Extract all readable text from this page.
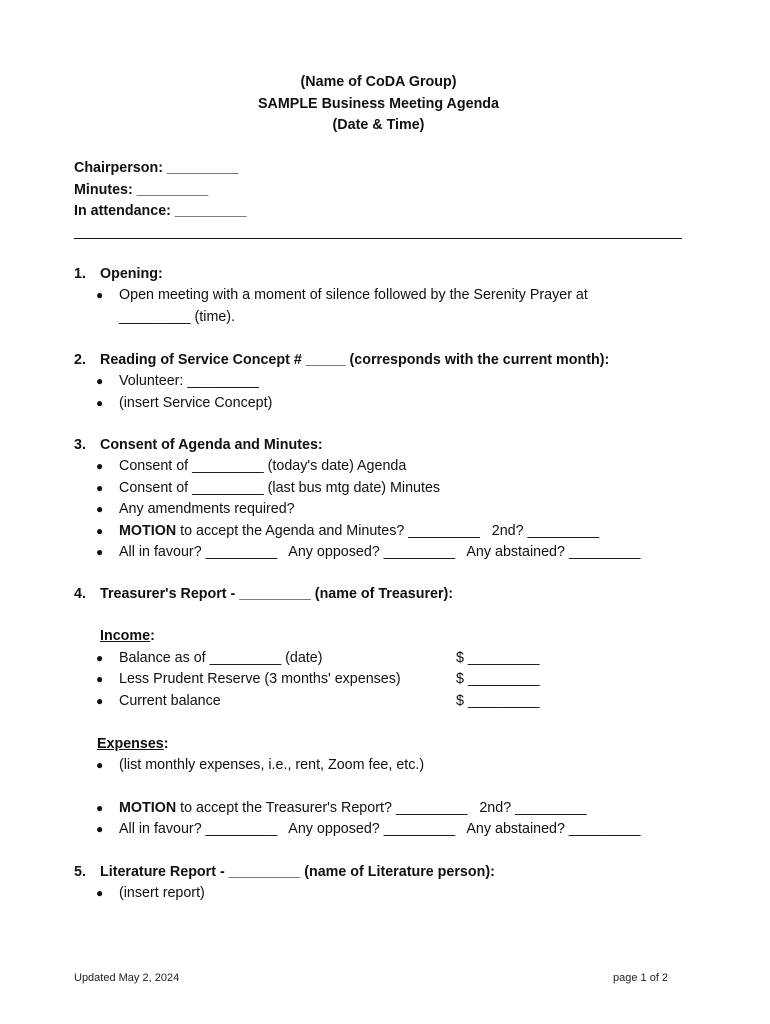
(Name of CoDA Group)
SAMPLE Business Meeting Agenda
(Date & Time)
Chairperson: _________
Minutes: _________
In attendance: _________
1. Opening:
● Open meeting with a moment of silence followed by the Serenity Prayer at
_________ (time).
2. Reading of Service Concept # _____ (corresponds with the current month):
● Volunteer: _________
● (insert Service Concept)
3. Consent of Agenda and Minutes:
● Consent of _________ (today's date) Agenda
● Consent of _________ (last bus mtg date) Minutes
● Any amendments required?
● MOTION to accept the Agenda and Minutes? _________   2nd? _________
● All in favour? _________   Any opposed? _________   Any abstained? _________
4. Treasurer's Report - _________ (name of Treasurer):
Income:
● Balance as of _________ (date)	$ _________
● Less Prudent Reserve (3 months' expenses)	$ _________
● Current balance	$ _________
Expenses:
● (list monthly expenses, i.e., rent, Zoom fee, etc.)
● MOTION to accept the Treasurer's Report? _________   2nd? _________
● All in favour? _________   Any opposed? _________   Any abstained? _________
5. Literature Report - _________ (name of Literature person):
● (insert report)
Updated May 2, 2024	page 1 of 2
